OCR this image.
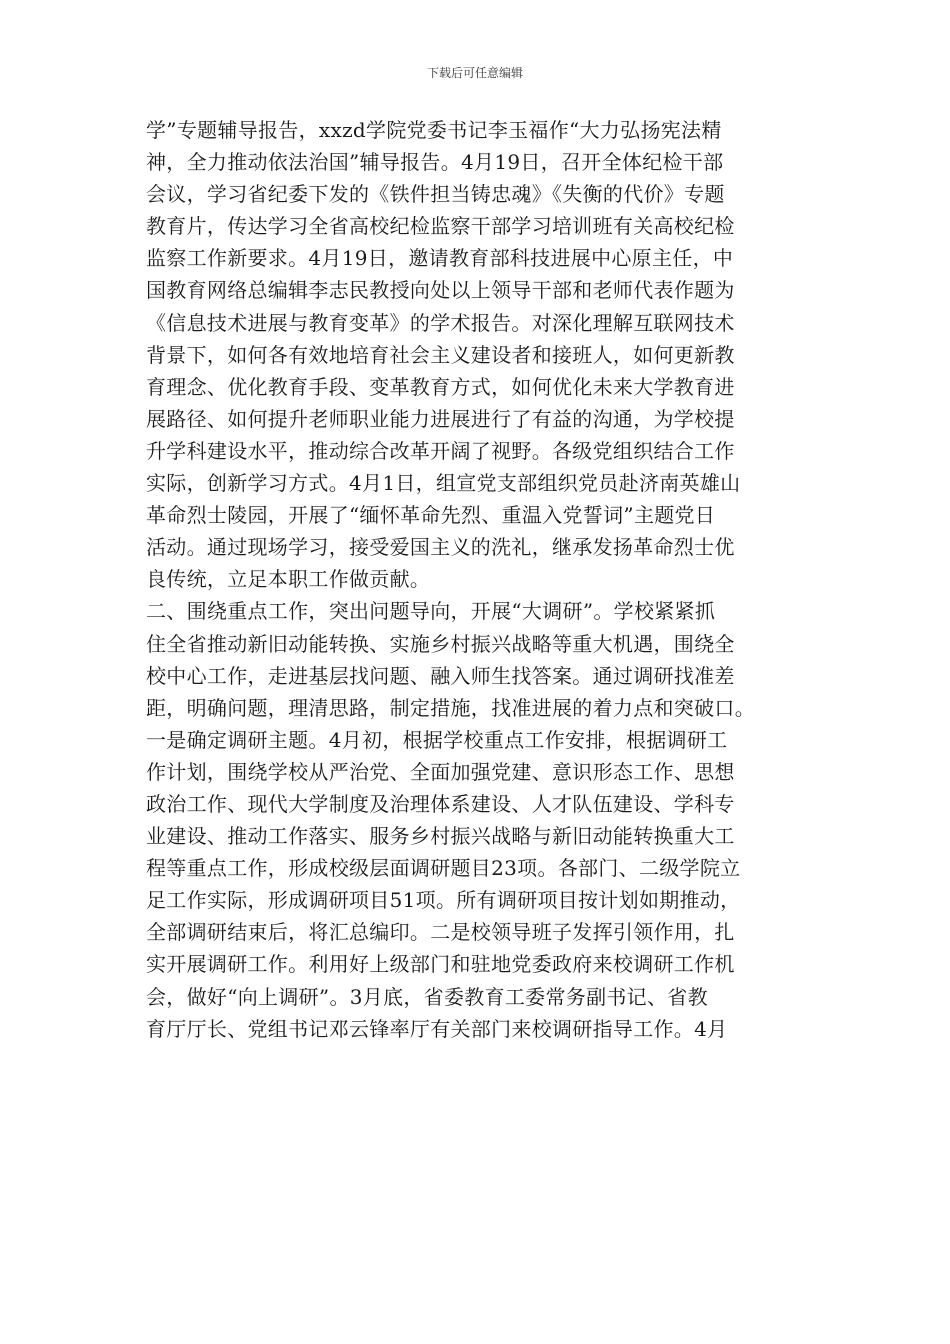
下载后可任意编辑
学”专题辅导报告，xxzd学院党委书记李玉福作“大力弘扬宪法精
神，全力推动依法治国”辅导报告。4月19日，召开全体纪检干部
会议，学习省纪委下发的《铁件担当铸忠魂》《失衡的代价》专题
教育片，传达学习全省高校纪检监察干部学习培训班有关高校纪检
监察工作新要求。4月19日，邀请教育部科技进展中心原主任，中
国教育网络总编辑李志民教授向处以上领导干部和老师代表作题为
《信息技术进展与教育变革》的学术报告。对深化理解互联网技术
背景下，如何各有效地培育社会主义建设者和接班人，如何更新教
育理念、优化教育手段、变革教育方式，如何优化未来大学教育进
展路径、如何提升老师职业能力进展进行了有益的沟通，为学校提
升学科建设水平，推动综合改革开阔了视野。各级党组织结合工作
实际，创新学习方式。4月1日，组宣党支部组织党员赴济南英雄山
革命烈士陵园，开展了“缅怀革命先烈、重温入党誓词”主题党日
活动。通过现场学习，接受爱国主义的洗礼，继承发扬革命烈士优
良传统，立足本职工作做贡献。
二、围绕重点工作，突出问题导向，开展“大调研”。学校紧紧抓
住全省推动新旧动能转换、实施乡村振兴战略等重大机遇，围绕全
校中心工作，走进基层找问题、融入师生找答案。通过调研找准差
距，明确问题，理清思路，制定措施，找准进展的着力点和突破口。
一是确定调研主题。4月初，根据学校重点工作安排，根据调研工
作计划，围绕学校从严治党、全面加强党建、意识形态工作、思想
政治工作、现代大学制度及治理体系建设、人才队伍建设、学科专
业建设、推动工作落实、服务乡村振兴战略与新旧动能转换重大工
程等重点工作，形成校级层面调研题目23项。各部门、二级学院立
足工作实际，形成调研项目51项。所有调研项目按计划如期推动，
全部调研结束后，将汇总编印。二是校领导班子发挥引领作用，扎
实开展调研工作。利用好上级部门和驻地党委政府来校调研工作机
会，做好“向上调研”。3月底，省委教育工委常务副书记、省教
育厅厅长、党组书记邓云锋率厅有关部门来校调研指导工作。4月
